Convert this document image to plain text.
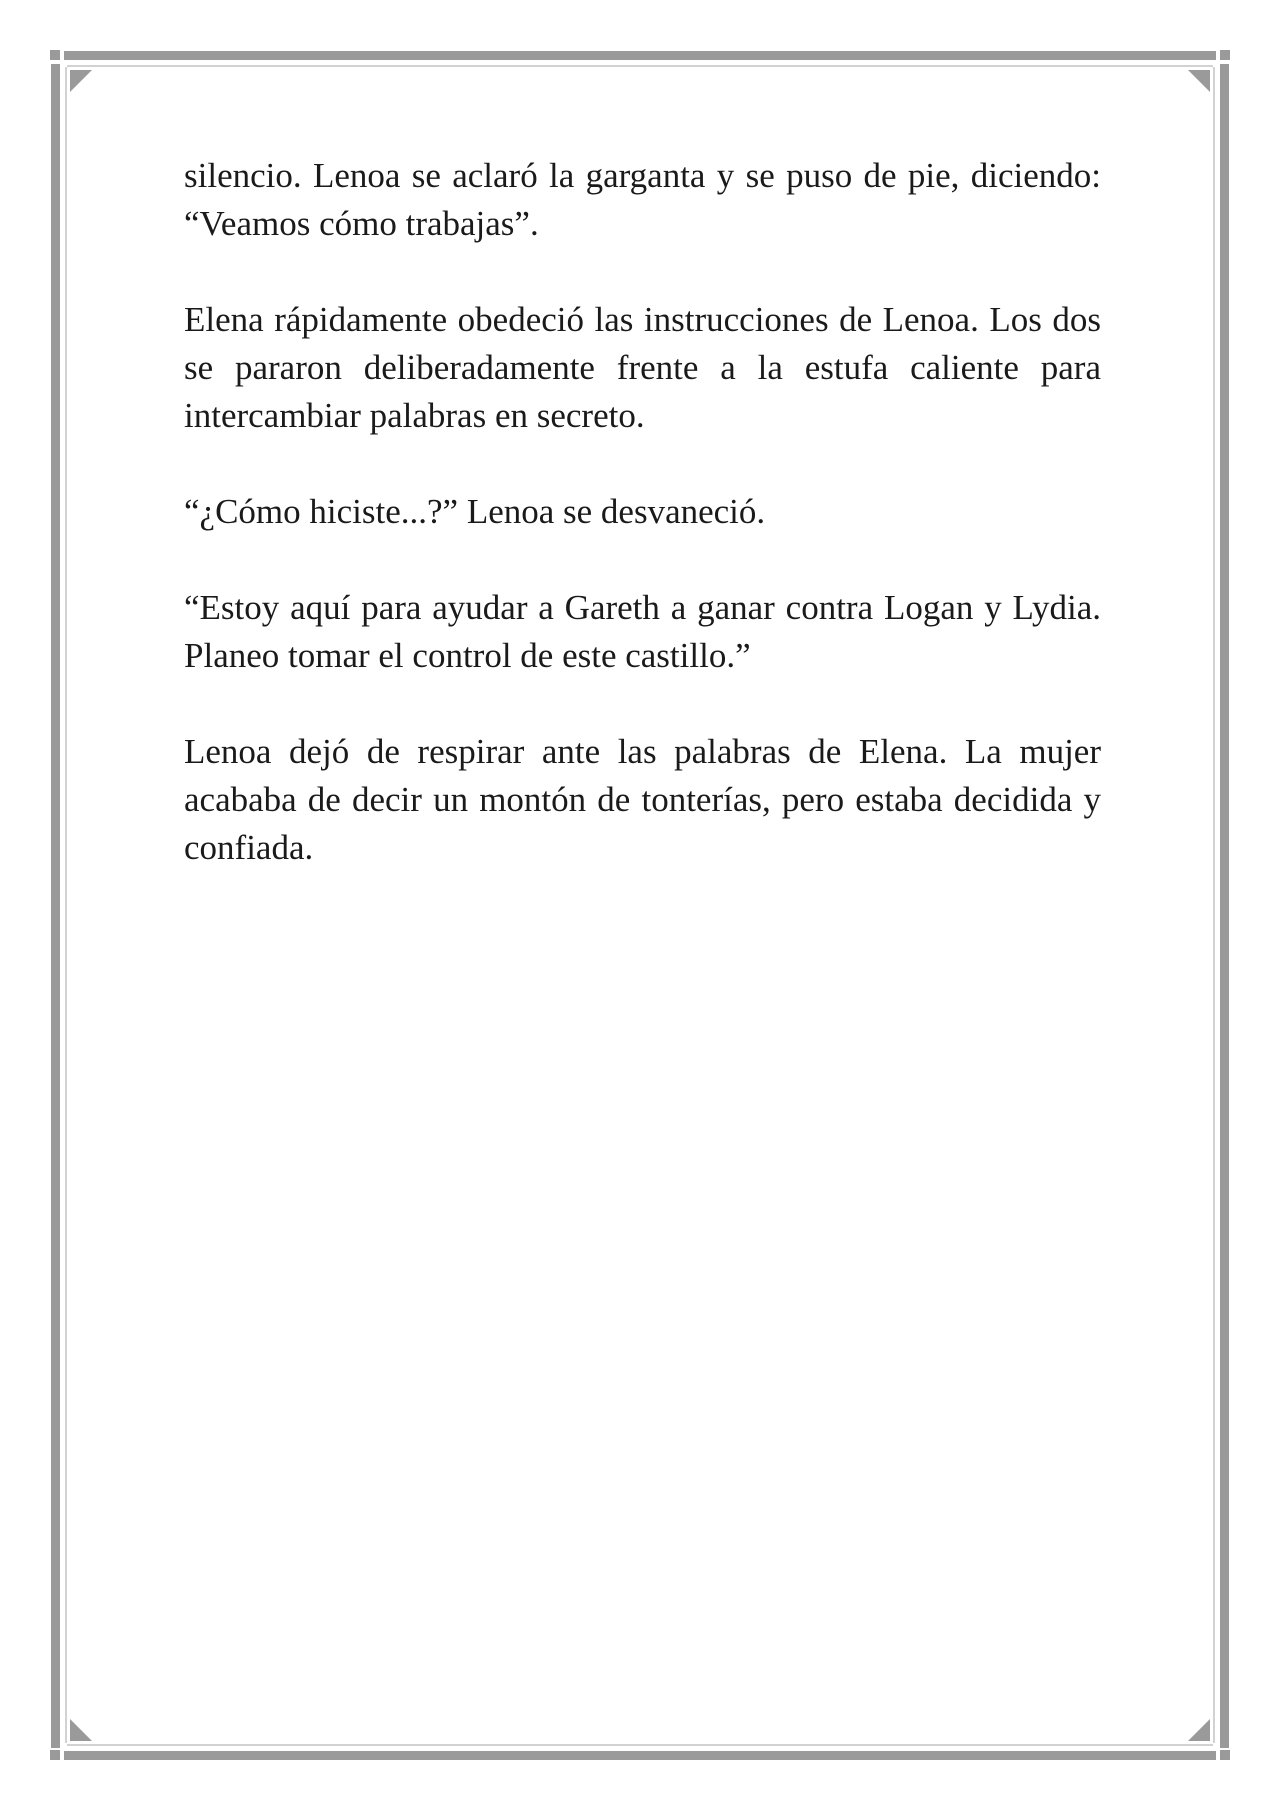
silencio. Lenoa se aclaró la garganta y se puso de pie, diciendo: “Veamos cómo trabajas”.

Elena rápidamente obedeció las instrucciones de Lenoa. Los dos se pararon deliberadamente frente a la estufa caliente para intercambiar palabras en secreto.

“¿Cómo hiciste...?” Lenoa se desvaneció.

“Estoy aquí para ayudar a Gareth a ganar contra Logan y Lydia. Planeo tomar el control de este castillo.”

Lenoa dejó de respirar ante las palabras de Elena. La mujer acababa de decir un montón de tonterías, pero estaba decidida y confiada.
